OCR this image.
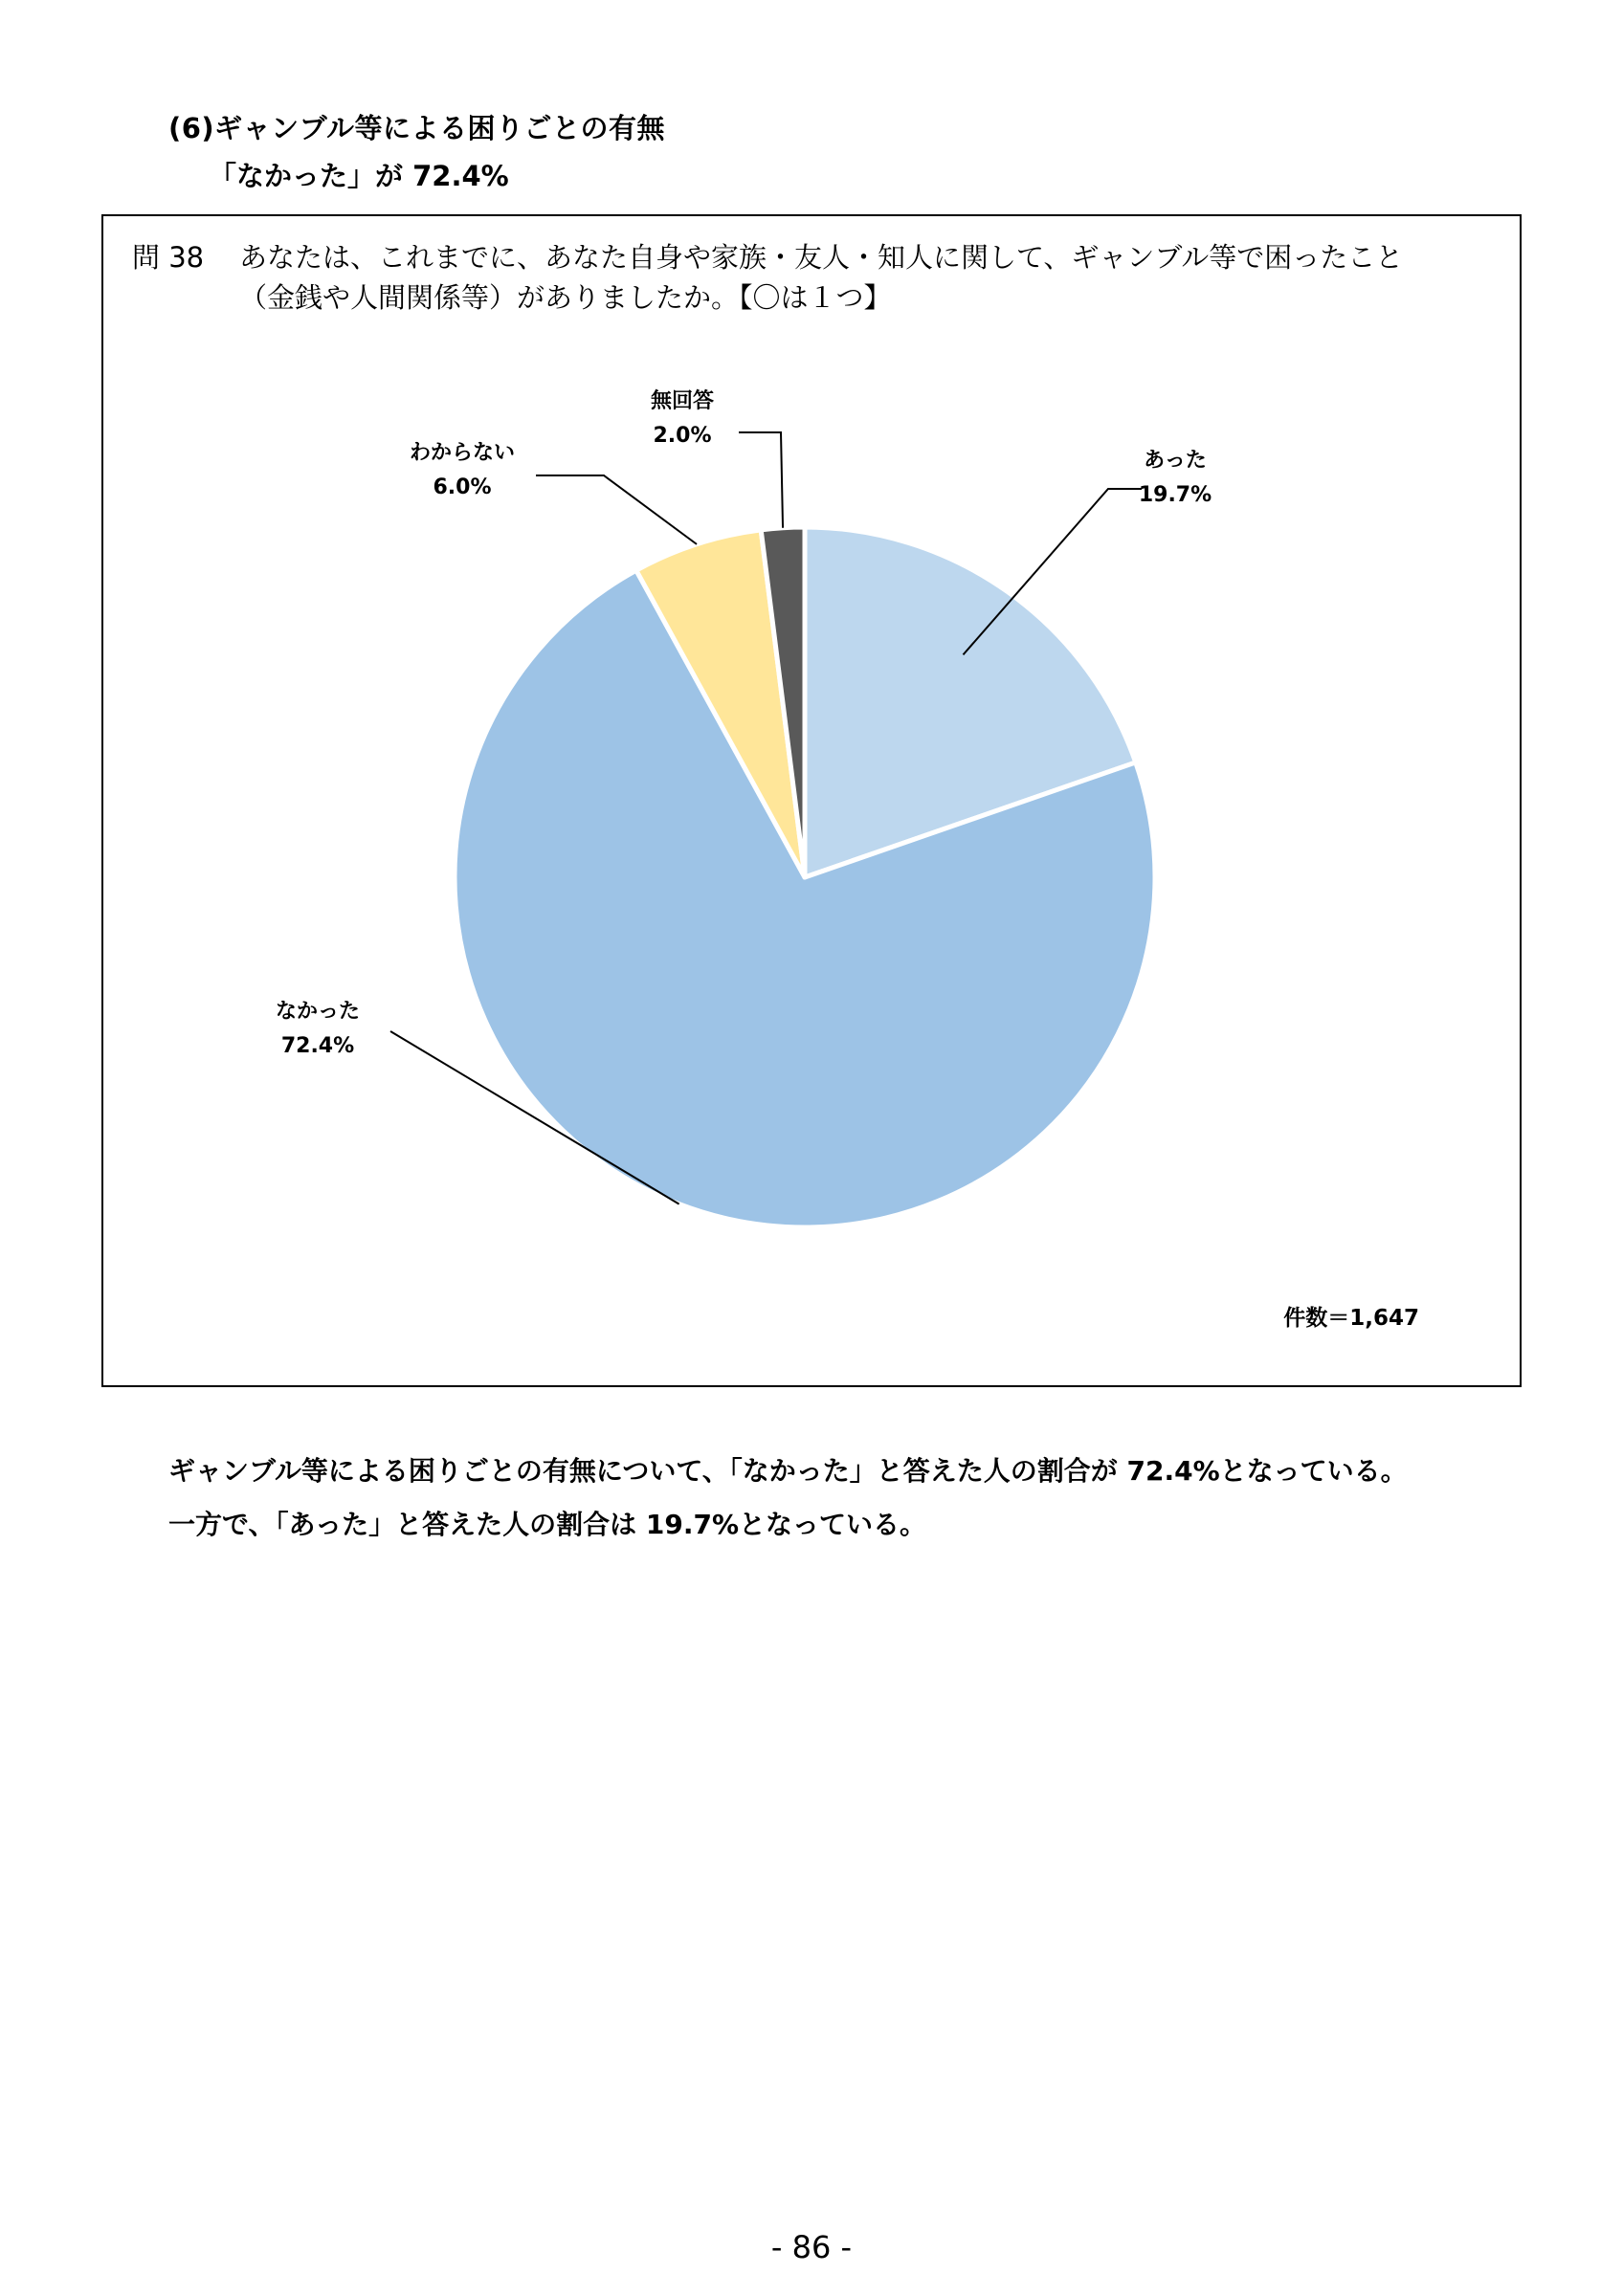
(6)ギャンブル等による困りごとの有無
「なかった」が 72.4%
問 38 あなたは、これまでに、あなた自身や家族・友人・知人に関して、ギャンブル等で困ったこと
（金銭や人間関係等）がありましたか。【〇は１つ】
あった
19.7%
なかった
72.4%
わからない
6.0%
無回答
2.0%
件数＝1,647
ギャンブル等による困りごとの有無について、「なかった」と答えた人の割合が 72.4%となっている。
一方で、「あった」と答えた人の割合は 19.7%となっている。
- 86 -
